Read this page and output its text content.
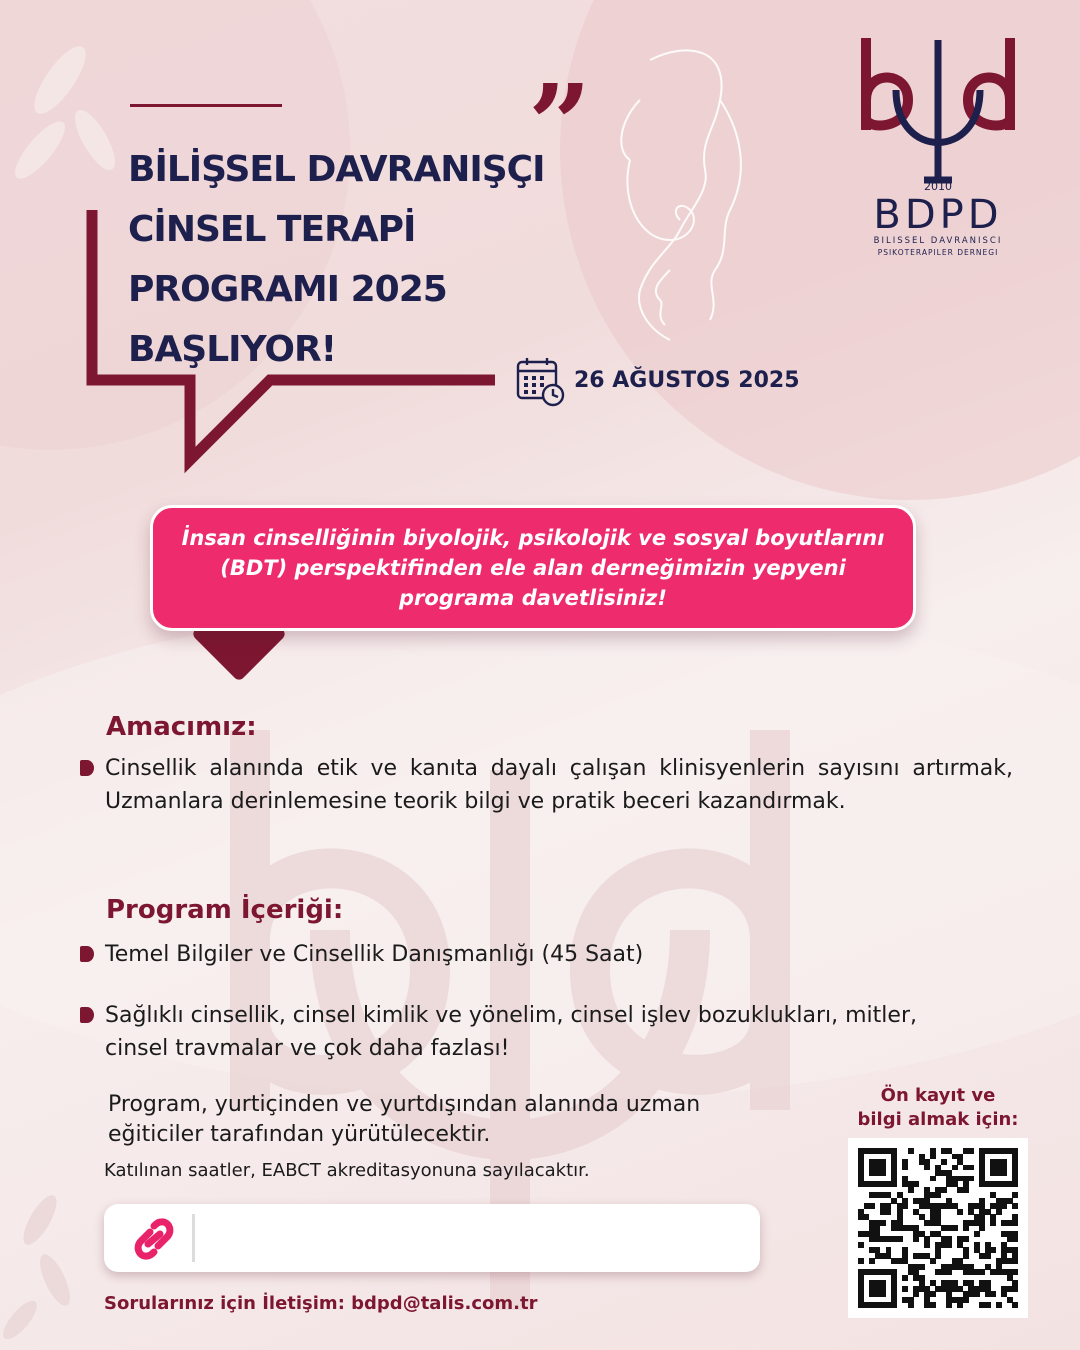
”
BİLİŞSEL DAVRANIŞÇI
CİNSEL TERAPİ
PROGRAMI 2025
BAŞLIYOR!
26 AĞUSTOS 2025
2010
BDPD
BILISSEL DAVRANISCI
PSIKOTERAPILER DERNEGI
İnsan cinselliğinin biyolojik, psikolojik ve sosyal boyutlarını (BDT) perspektifinden ele alan derneğimizin yepyeni programa davetlisiniz!
Amacımız:
Cinsellik alanında etik ve kanıta dayalı çalışan klinisyenlerin sayısını artırmak, Uzmanlara derinlemesine teorik bilgi ve pratik beceri kazandırmak.
Program İçeriği:
Temel Bilgiler ve Cinsellik Danışmanlığı (45 Saat)
Sağlıklı cinsellik, cinsel kimlik ve yönelim, cinsel işlev bozuklukları, mitler, cinsel travmalar ve çok daha fazlası!
Program, yurtiçinden ve yurtdışından alanında uzman eğiticiler tarafından yürütülecektir.
Katılınan saatler, EABCT akreditasyonuna sayılacaktır.
Sorularınız için İletişim: bdpd@talis.com.tr
Ön kayıt ve
bilgi almak için:
